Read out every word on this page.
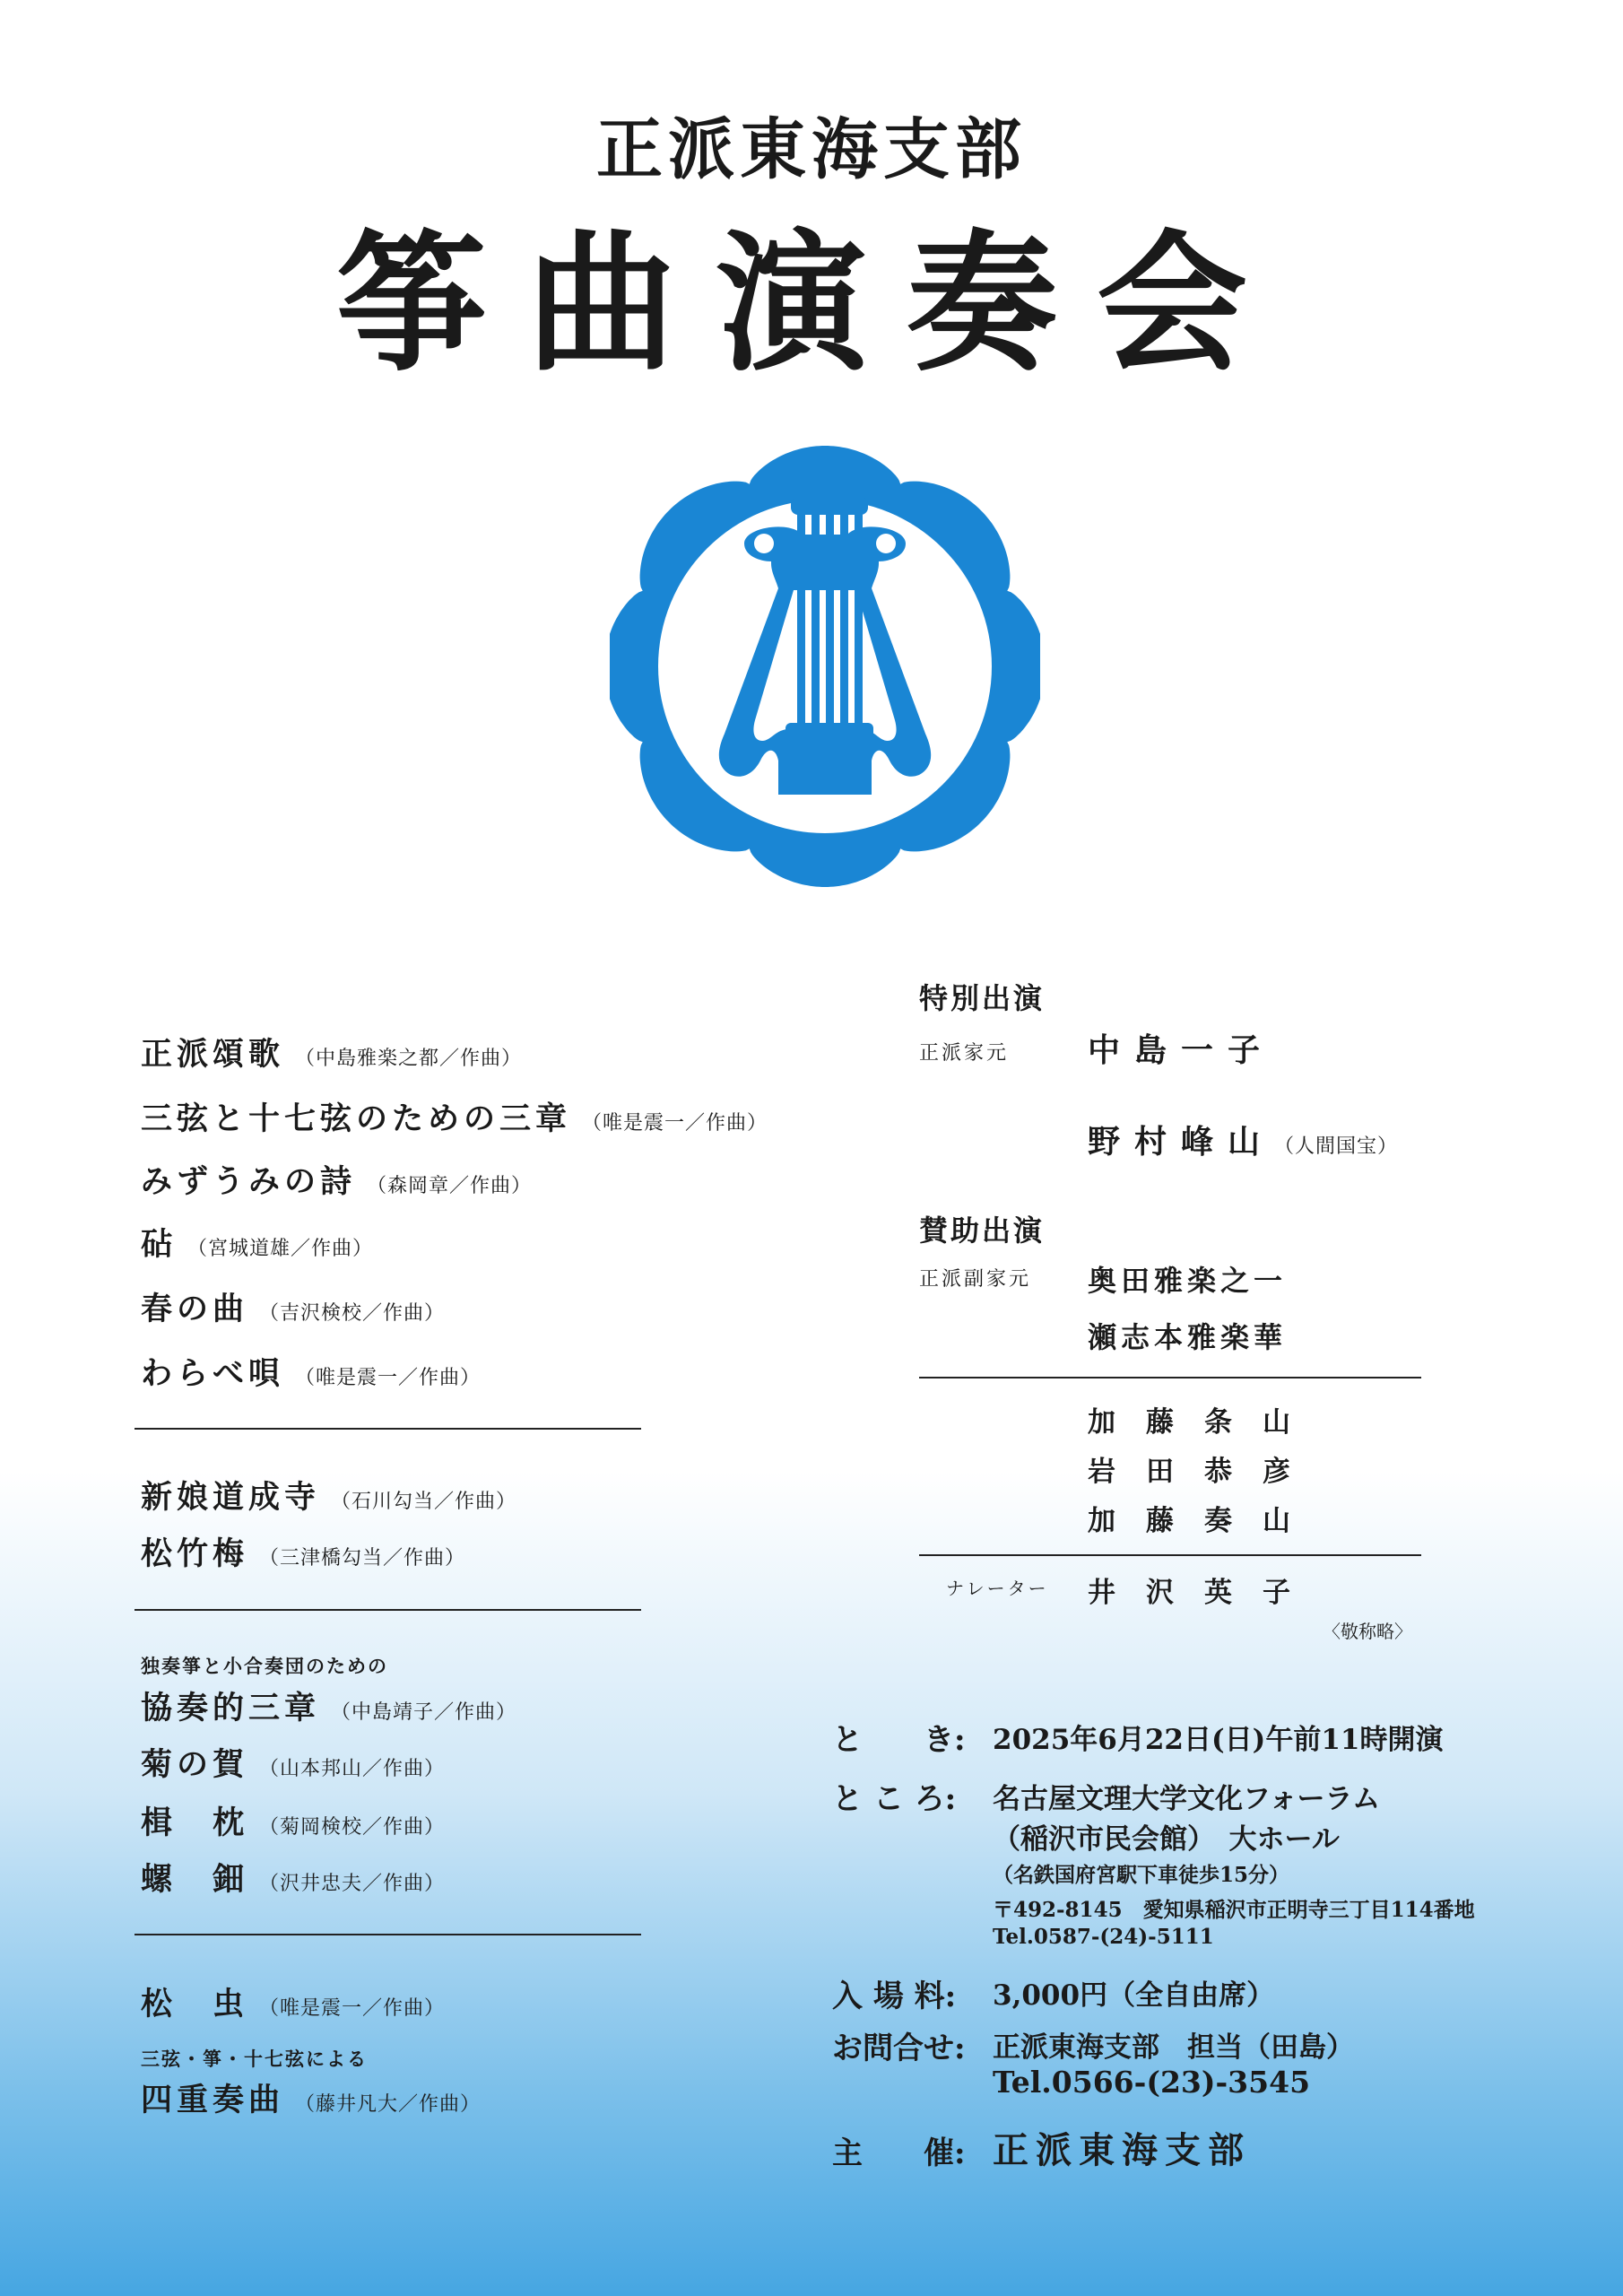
正派東海支部
筝曲演奏会
正派頌歌 （中島雅楽之都／作曲）
三弦と十七弦のための三章 （唯是震一／作曲）
みずうみの詩 （森岡章／作曲）
砧 （宮城道雄／作曲）
春の曲 （吉沢検校／作曲）
わらべ唄 （唯是震一／作曲）
新娘道成寺 （石川勾当／作曲）
松竹梅 （三津橋勾当／作曲）
独奏箏と小合奏団のための
協奏的三章 （中島靖子／作曲）
菊の賀 （山本邦山／作曲）
楫　枕 （菊岡検校／作曲）
螺　鈿 （沢井忠夫／作曲）
松　虫 （唯是震一／作曲）
三弦・箏・十七弦による
四重奏曲 （藤井凡大／作曲）
特別出演
正派家元 中島一子
野村峰山（人間国宝）
賛助出演
正派副家元 奥田雅楽之一
瀬志本雅楽華
加藤条山
岩田恭彦
加藤奏山
ナレーター 井沢英子
〈敬称略〉
と　　き: 2025年6月22日(日)午前11時開演
と こ ろ: 名古屋文理大学文化フォーラム
（稲沢市民会館）　大ホール
（名鉄国府宮駅下車徒歩15分）
〒492-8145　愛知県稲沢市正明寺三丁目114番地
Tel.0587-(24)-5111
入 場 料: 3,000円（全自由席）
お問合せ: 正派東海支部　担当（田島）
Tel.0566-(23)-3545
主　　催: 正派東海支部
